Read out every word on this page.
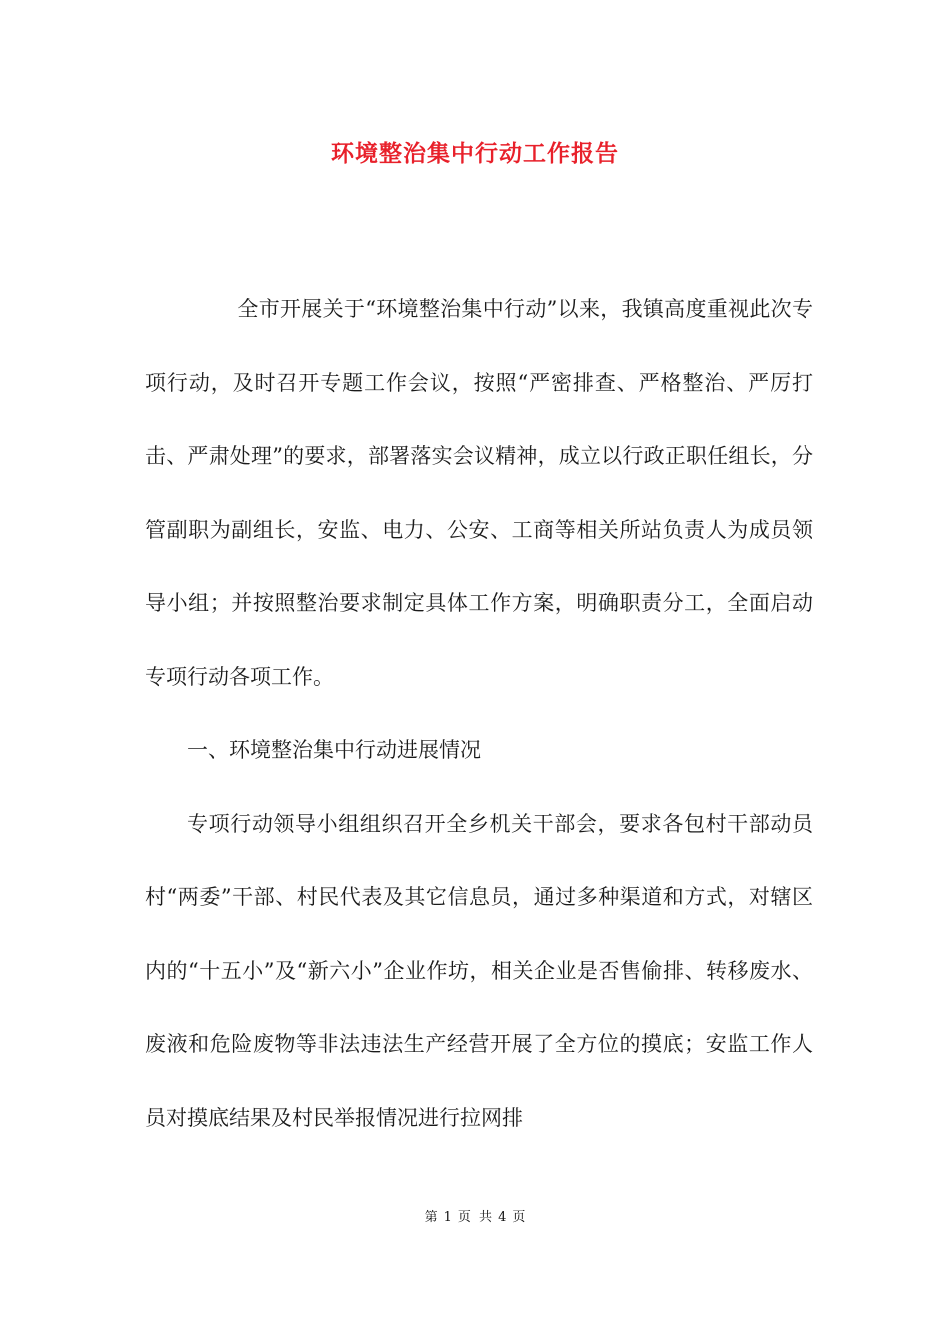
环境整治集中行动工作报告

全市开展关于“环境整治集中行动”以来，我镇高度重视此次专项行动，及时召开专题工作会议，按照“严密排查、严格整治、严厉打击、严肃处理”的要求，部署落实会议精神，成立以行政正职任组长，分管副职为副组长，安监、电力、公安、工商等相关所站负责人为成员领导小组；并按照整治要求制定具体工作方案，明确职责分工，全面启动专项行动各项工作。

一、环境整治集中行动进展情况

专项行动领导小组组织召开全乡机关干部会，要求各包村干部动员村“两委”干部、村民代表及其它信息员，通过多种渠道和方式，对辖区内的“十五小”及“新六小”企业作坊，相关企业是否售偷排、转移废水、废液和危险废物等非法违法生产经营开展了全方位的摸底；安监工作人员对摸底结果及村民举报情况进行拉网排

第 1 页 共 4 页
